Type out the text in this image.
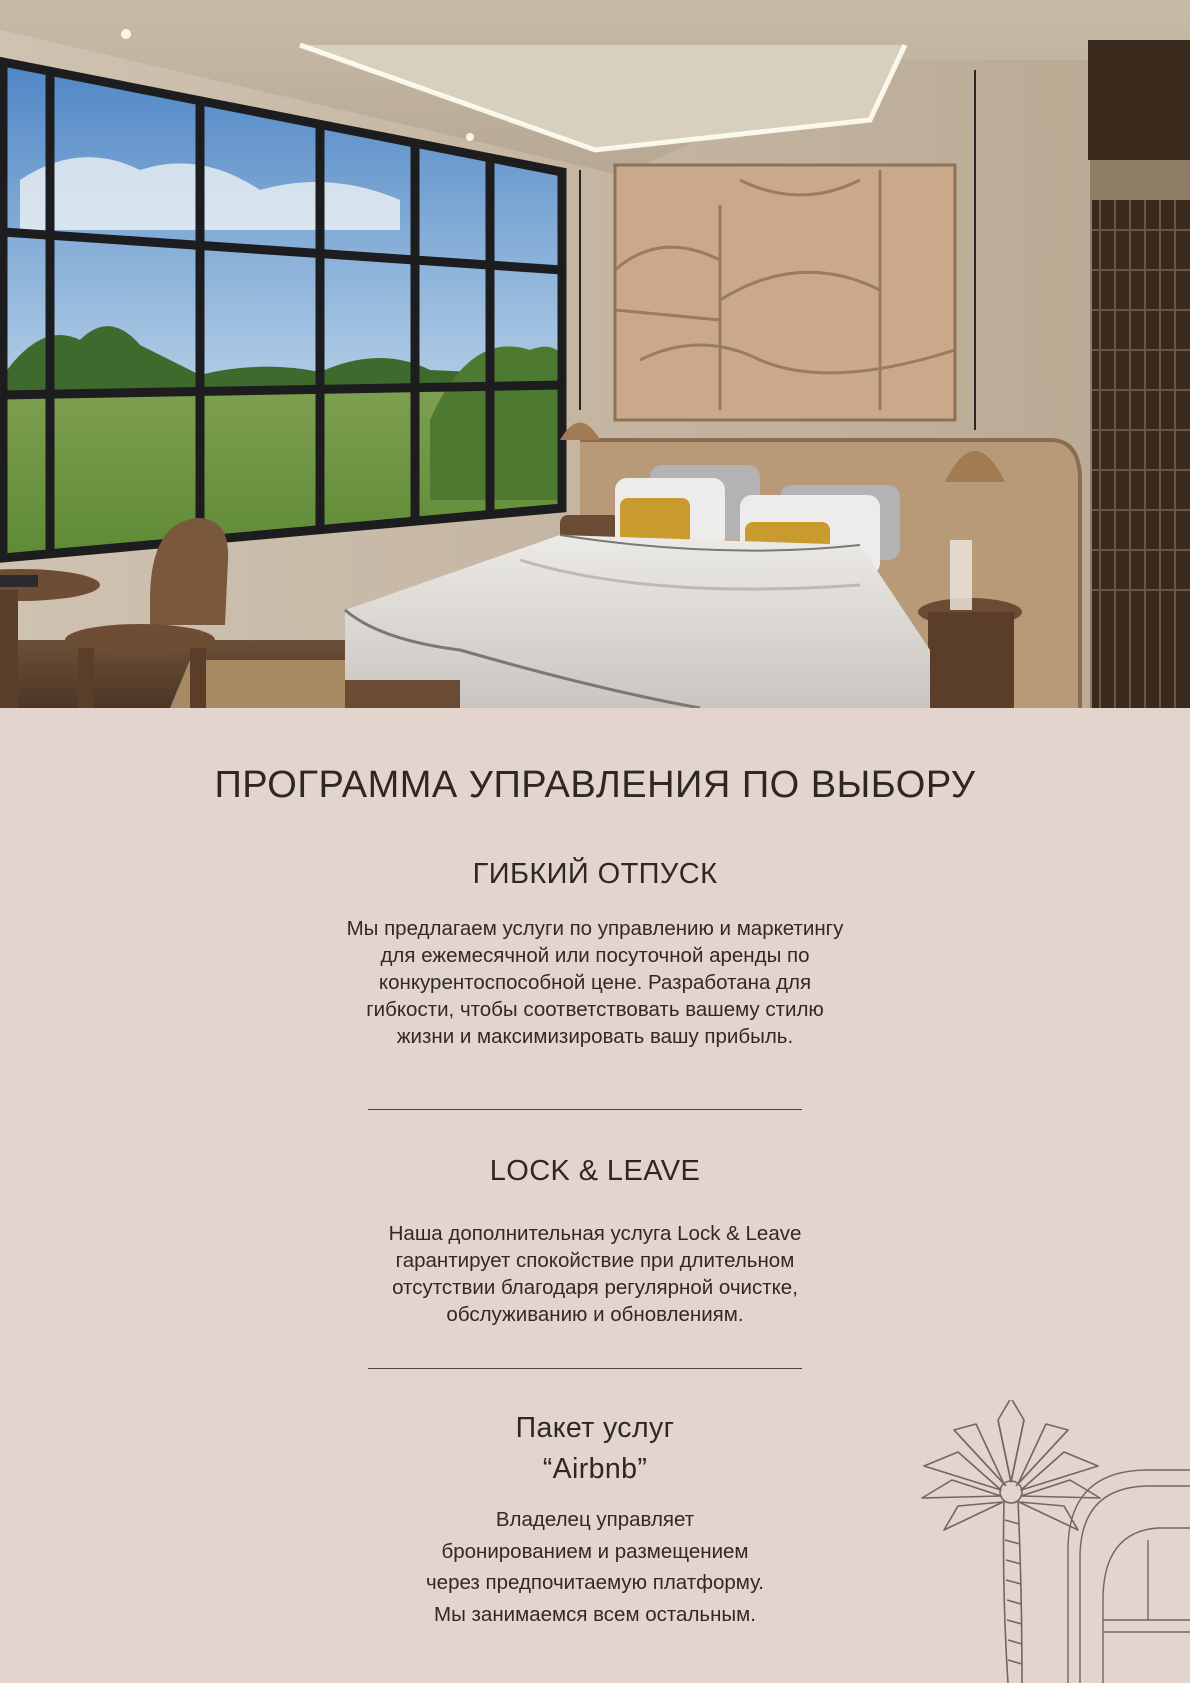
ПРОГРАММА УПРАВЛЕНИЯ ПО ВЫБОРУ
ГИБКИЙ ОТПУСК

Мы предлагаем услуги по управлению и маркетингу
для ежемесячной или посуточной аренды по
конкурентоспособной цене. Разработана для
гибкости, чтобы соответствовать вашему стилю
жизни и максимизировать вашу прибыль.

LOCK & LEAVE

Наша дополнительная услуга Lock & Leave
гарантирует спокойствие при длительном
отсутствии благодаря регулярной очистке,
обслуживанию и обновлениям.

Пакет услуг
“Airbnb”

Владелец управляет
бронированием и размещением
через предпочитаемую платформу.
Мы занимаемся всем остальным.
